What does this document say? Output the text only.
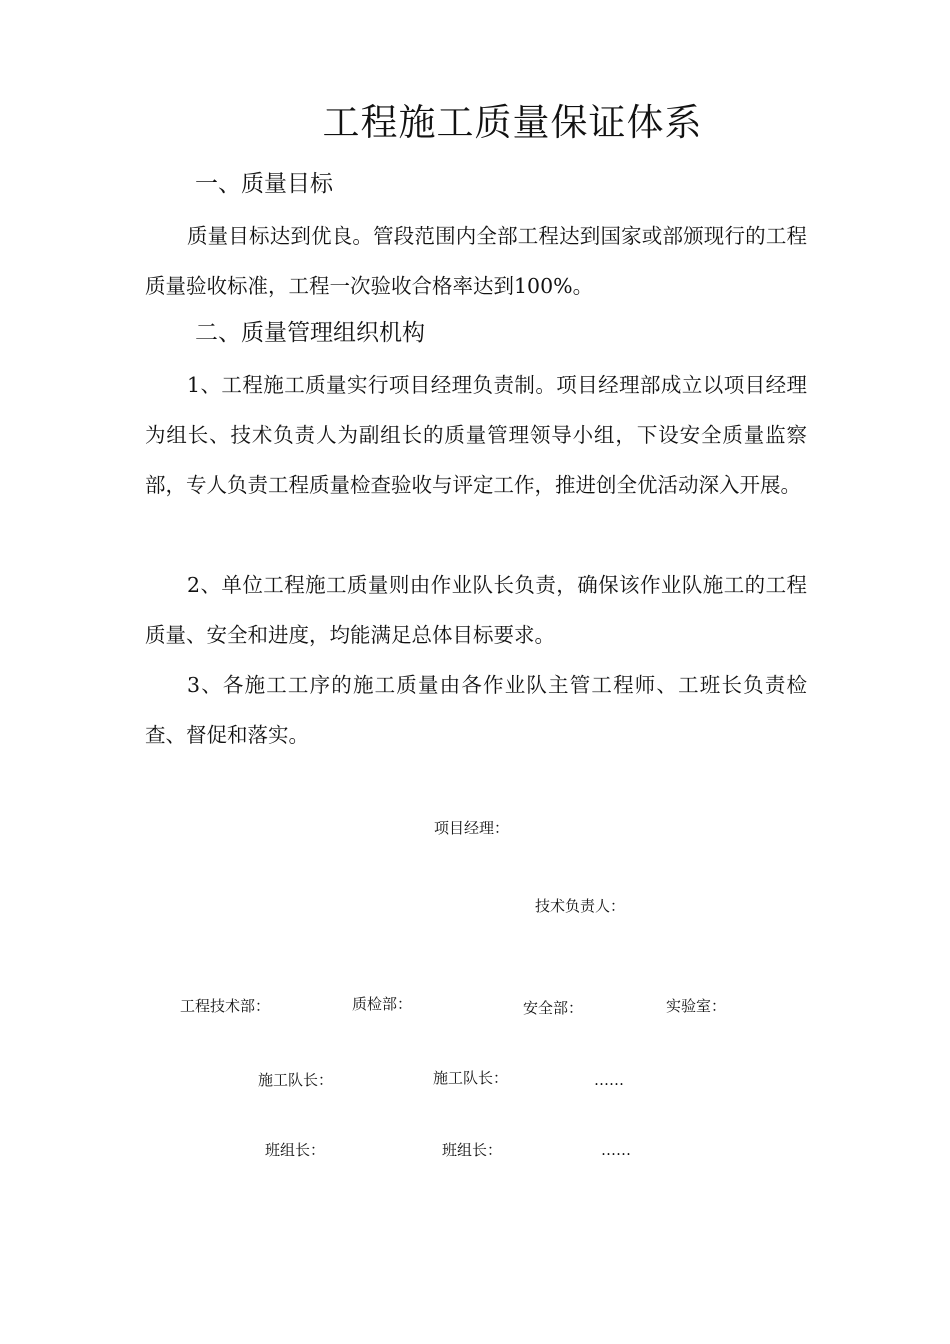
工程施工质量保证体系
一、质量目标

质量目标达到优良。管段范围内全部工程达到国家或部颁现行的工程质量验收标准，工程一次验收合格率达到100%。

二、质量管理组织机构

1、工程施工质量实行项目经理负责制。项目经理部成立以项目经理为组长、技术负责人为副组长的质量管理领导小组，下设安全质量监察部，专人负责工程质量检查验收与评定工作，推进创全优活动深入开展。

2、单位工程施工质量则由作业队长负责，确保该作业队施工的工程质量、安全和进度，均能满足总体目标要求。

3、各施工工序的施工质量由各作业队主管工程师、工班长负责检查、督促和落实。

项目经理：
技术负责人：
工程技术部：	质检部：	安全部：	实验室：
施工队长：	施工队长：	……
班组长：	班组长：	……
